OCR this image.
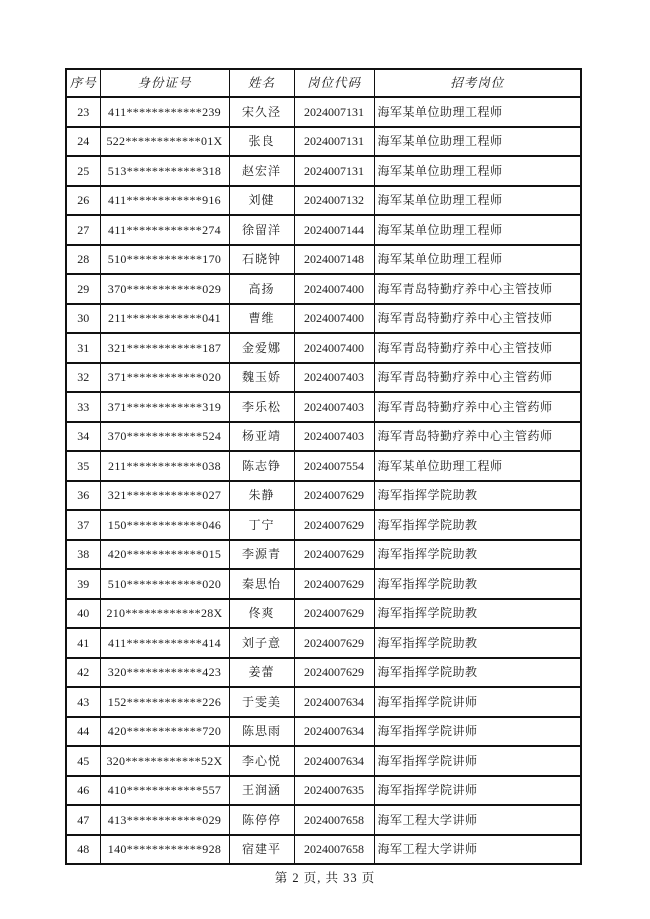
序号	身份证号	姓名	岗位代码	招考岗位
23	411************239	宋久泾	2024007131	海军某单位助理工程师
24	522************01X	张良	2024007131	海军某单位助理工程师
25	513************318	赵宏洋	2024007131	海军某单位助理工程师
26	411************916	刘健	2024007132	海军某单位助理工程师
27	411************274	徐留洋	2024007144	海军某单位助理工程师
28	510************170	石晓钟	2024007148	海军某单位助理工程师
29	370************029	高扬	2024007400	海军青岛特勤疗养中心主管技师
30	211************041	曹维	2024007400	海军青岛特勤疗养中心主管技师
31	321************187	金爱娜	2024007400	海军青岛特勤疗养中心主管技师
32	371************020	魏玉娇	2024007403	海军青岛特勤疗养中心主管药师
33	371************319	李乐松	2024007403	海军青岛特勤疗养中心主管药师
34	370************524	杨亚靖	2024007403	海军青岛特勤疗养中心主管药师
35	211************038	陈志铮	2024007554	海军某单位助理工程师
36	321************027	朱静	2024007629	海军指挥学院助教
37	150************046	丁宁	2024007629	海军指挥学院助教
38	420************015	李源青	2024007629	海军指挥学院助教
39	510************020	秦思怡	2024007629	海军指挥学院助教
40	210************28X	佟爽	2024007629	海军指挥学院助教
41	411************414	刘子意	2024007629	海军指挥学院助教
42	320************423	姜蕾	2024007629	海军指挥学院助教
43	152************226	于雯美	2024007634	海军指挥学院讲师
44	420************720	陈思雨	2024007634	海军指挥学院讲师
45	320************52X	李心悦	2024007634	海军指挥学院讲师
46	410************557	王润涵	2024007635	海军指挥学院讲师
47	413************029	陈停停	2024007658	海军工程大学讲师
48	140************928	宿建平	2024007658	海军工程大学讲师
第 2 页, 共 33 页
